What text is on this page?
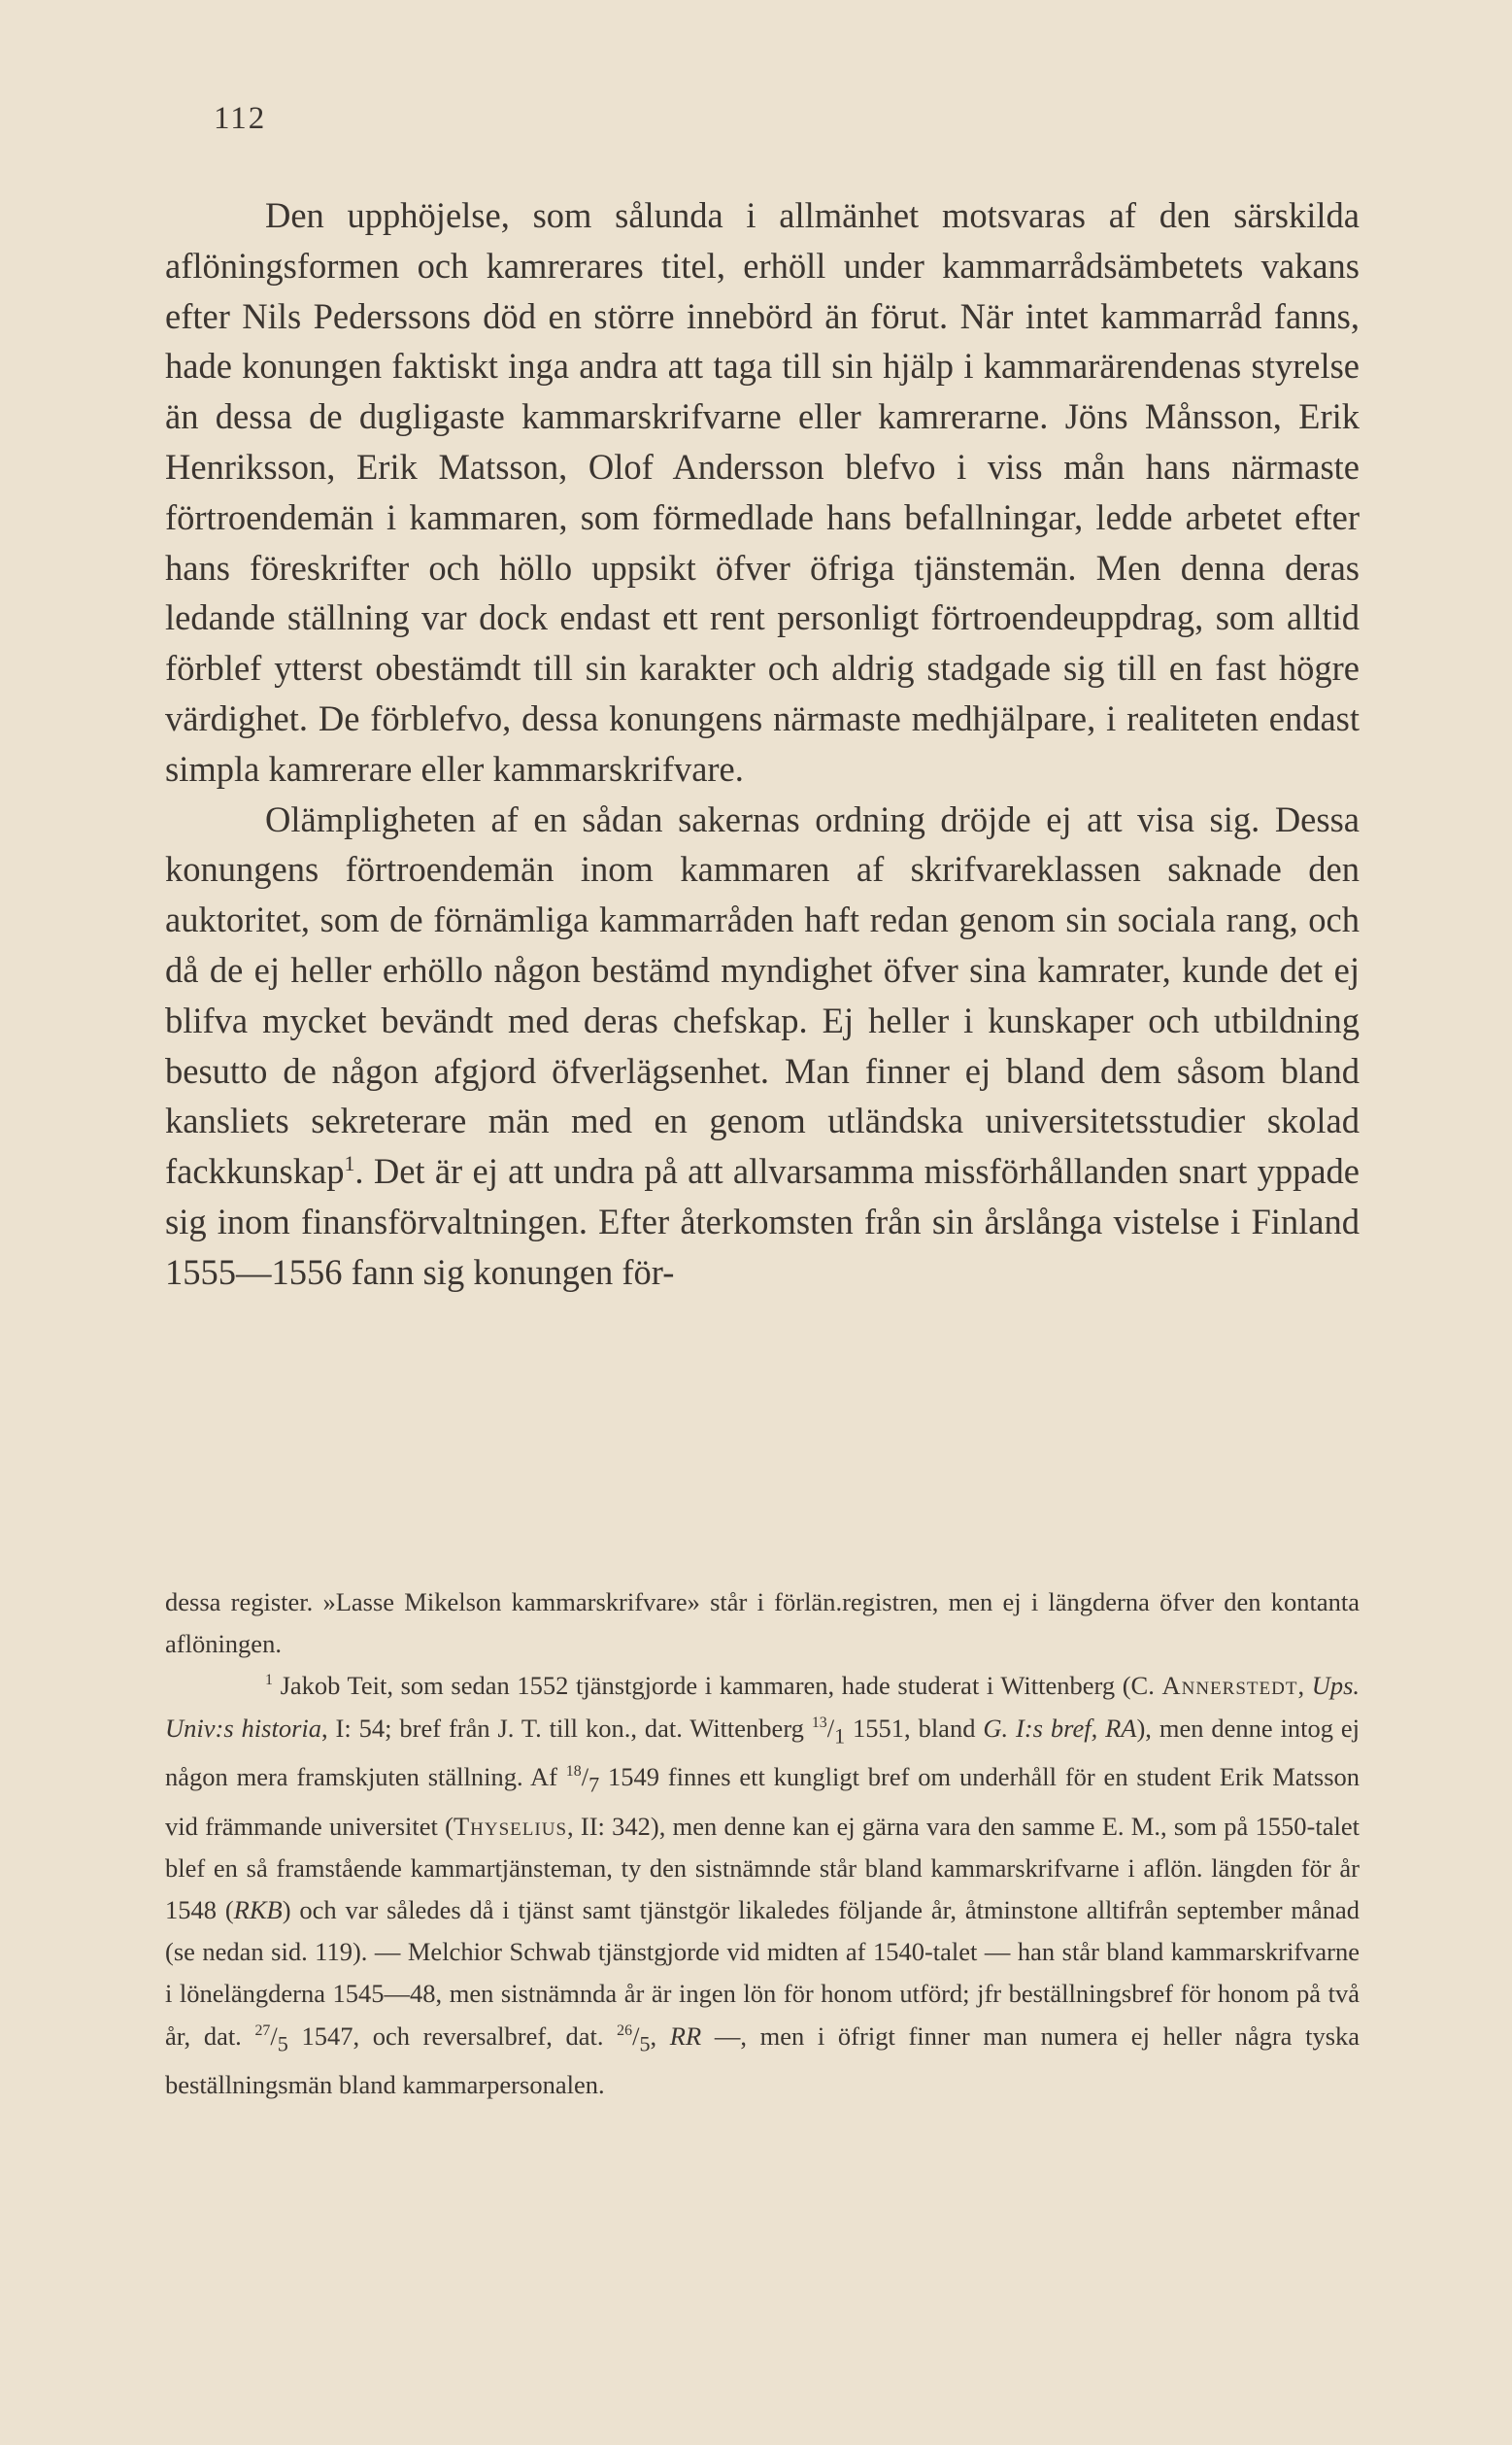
112

Den upphöjelse, som sålunda i allmänhet motsvaras af den särskilda aflöningsformen och kamrerares titel, erhöll under kammarrådsämbetets vakans efter Nils Pederssons död en större innebörd än förut. När intet kammarråd fanns, hade konungen faktiskt inga andra att taga till sin hjälp i kammarärendenas styrelse än dessa de dugligaste kammarskrifvarne eller kamrerarne. Jöns Månsson, Erik Henriksson, Erik Matsson, Olof Andersson blefvo i viss mån hans närmaste förtroendemän i kammaren, som förmedlade hans befallningar, ledde arbetet efter hans föreskrifter och höllo uppsikt öfver öfriga tjänstemän. Men denna deras ledande ställning var dock endast ett rent personligt förtroendeuppdrag, som alltid förblef ytterst obestämdt till sin karakter och aldrig stadgade sig till en fast högre värdighet. De förblefvo, dessa konungens närmaste medhjälpare, i realiteten endast simpla kamrerare eller kammarskrifvare.

Olämpligheten af en sådan sakernas ordning dröjde ej att visa sig. Dessa konungens förtroendemän inom kammaren af skrifvareklassen saknade den auktoritet, som de förnämliga kammarråden haft redan genom sin sociala rang, och då de ej heller erhöllo någon bestämd myndighet öfver sina kamrater, kunde det ej blifva mycket bevändt med deras chefskap. Ej heller i kunskaper och utbildning besutto de någon afgjord öfverlägsenhet. Man finner ej bland dem såsom bland kansliets sekreterare män med en genom utländska universitetsstudier skolad fackkunskap$^1$. Det är ej att undra på att allvarsamma missförhållanden snart yppade sig inom finansförvaltningen. Efter återkomsten från sin årslånga vistelse i Finland 1555—1556 fann sig konungen för-

dessa register. »Lasse Mikelson kammarskrifvare» står i förlän.registren, men ej i längderna öfver den kontanta aflöningen.

$^1$ Jakob Teit, som sedan 1552 tjänstgjorde i kammaren, hade studerat i Wittenberg (C. Annerstedt, Ups. Univ:s historia, I: 54; bref från J. T. till kon., dat. Wittenberg $^{13}/_1$ 1551, bland G. I:s bref, RA), men denne intog ej någon mera framskjuten ställning. Af $^{18}/_7$ 1549 finnes ett kungligt bref om underhåll för en student Erik Matsson vid främmande universitet (Thyselius, II: 342), men denne kan ej gärna vara den samme E. M., som på 1550-talet blef en så framstående kammartjänsteman, ty den sistnämnde står bland kammarskrifvarne i aflön. längden för år 1548 (RKB) och var således då i tjänst samt tjänstgör likaledes följande år, åtminstone alltifrån september månad (se nedan sid. 119). — Melchior Schwab tjänstgjorde vid midten af 1540-talet — han står bland kammarskrifvarne i lönelängderna 1545—48, men sistnämnda år är ingen lön för honom utförd; jfr beställningsbref för honom på två år, dat. $^{27}/_5$ 1547, och reversalbref, dat. $^{26}/_5$, RR —, men i öfrigt finner man numera ej heller några tyska beställningsmän bland kammarpersonalen.
